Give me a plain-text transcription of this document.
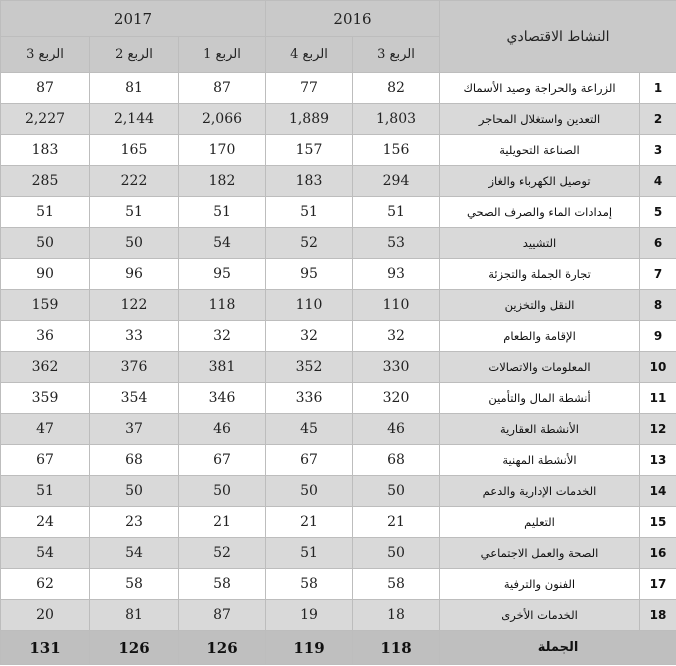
النشاط الاقتصادي		2016		2017		
		الربع 3	الربع 4	الربع 1	الربع 2	الربع 3
1	الزراعة والحراجة وصيد الأسماك	82	77	87	81	87
2	التعدين واستغلال المحاجر	1,803	1,889	2,066	2,144	2,227
3	الصناعة التحويلية	156	157	170	165	183
4	توصيل الكهرباء والغاز	294	183	182	222	285
5	إمدادات الماء والصرف الصحي	51	51	51	51	51
6	التشييد	53	52	54	50	50
7	تجارة الجملة والتجزئة	93	95	95	96	90
8	النقل والتخزين	110	110	118	122	159
9	الإقامة والطعام	32	32	32	33	36
10	المعلومات والاتصالات	330	352	381	376	362
11	أنشطة المال والتأمين	320	336	346	354	359
12	الأنشطة العقارية	46	45	46	37	47
13	الأنشطة المهنية	68	67	67	68	67
14	الخدمات الإدارية والدعم	50	50	50	50	51
15	التعليم	21	21	21	23	24
16	الصحة والعمل الاجتماعي	50	51	52	54	54
17	الفنون والترفية	58	58	58	58	62
18	الخدمات الأخرى	18	19	87	81	20
الجملة		118	119	126	126	131
